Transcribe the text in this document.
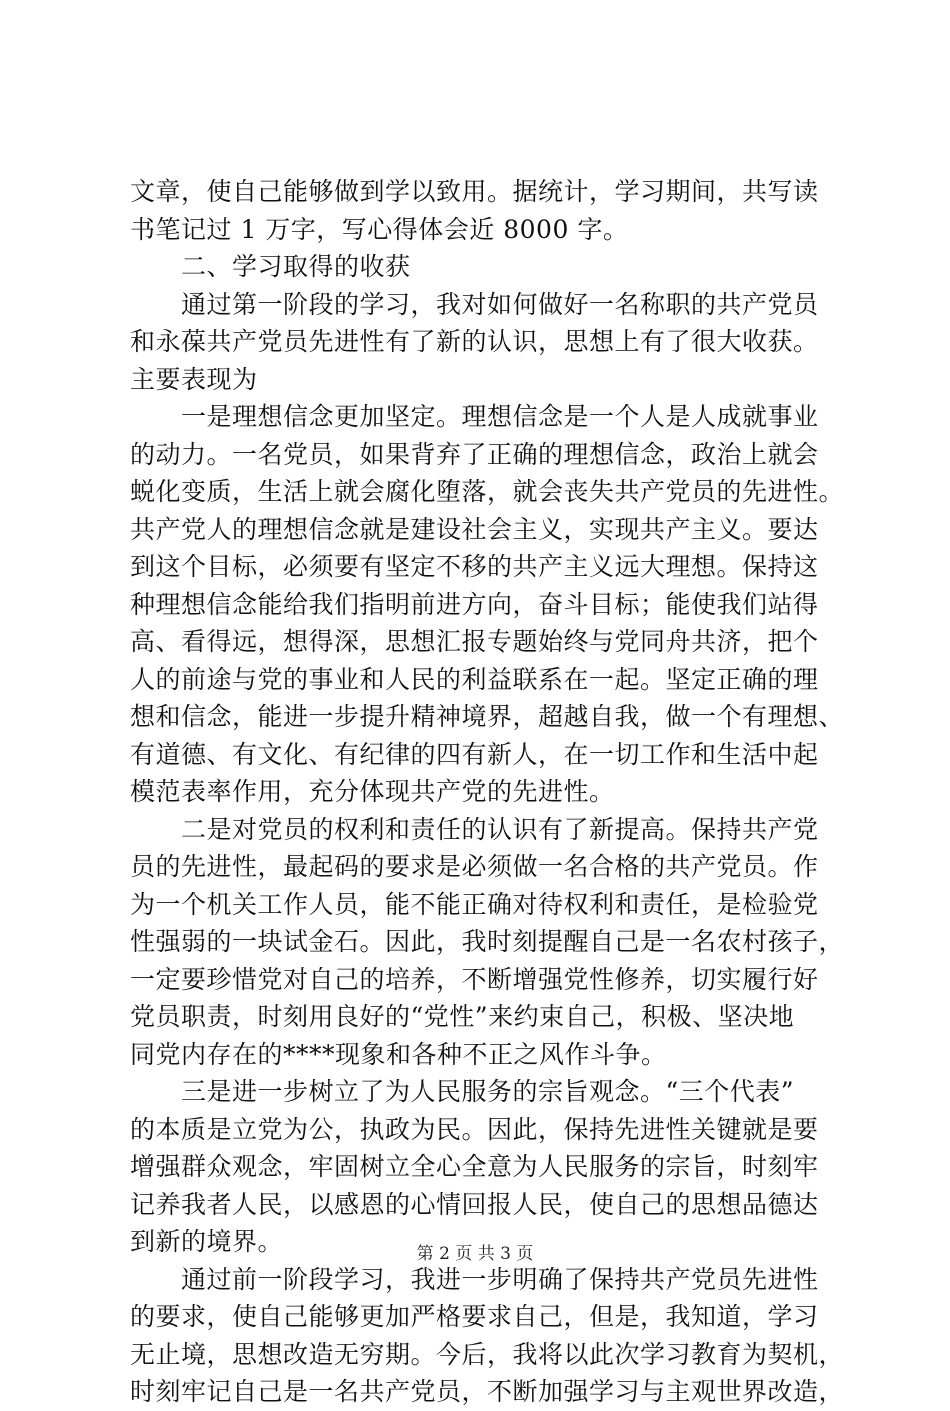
文章，使自己能够做到学以致用。据统计，学习期间，共写读
书笔记过 1 万字，写心得体会近 8000 字。
　　二、学习取得的收获
　　通过第一阶段的学习，我对如何做好一名称职的共产党员
和永葆共产党员先进性有了新的认识，思想上有了很大收获。
主要表现为
　　一是理想信念更加坚定。理想信念是一个人是人成就事业
的动力。一名党员，如果背弃了正确的理想信念，政治上就会
蜕化变质，生活上就会腐化堕落，就会丧失共产党员的先进性。
共产党人的理想信念就是建设社会主义，实现共产主义。要达
到这个目标，必须要有坚定不移的共产主义远大理想。保持这
种理想信念能给我们指明前进方向，奋斗目标；能使我们站得
高、看得远，想得深，思想汇报专题始终与党同舟共济，把个
人的前途与党的事业和人民的利益联系在一起。坚定正确的理
想和信念，能进一步提升精神境界，超越自我，做一个有理想、
有道德、有文化、有纪律的四有新人，在一切工作和生活中起
模范表率作用，充分体现共产党的先进性。
　　二是对党员的权利和责任的认识有了新提高。保持共产党
员的先进性，最起码的要求是必须做一名合格的共产党员。作
为一个机关工作人员，能不能正确对待权利和责任，是检验党
性强弱的一块试金石。因此，我时刻提醒自己是一名农村孩子，
一定要珍惜党对自己的培养，不断增强党性修养，切实履行好
党员职责，时刻用良好的“党性”来约束自己，积极、坚决地
同党内存在的****现象和各种不正之风作斗争。
　　三是进一步树立了为人民服务的宗旨观念。“三个代表”
的本质是立党为公，执政为民。因此，保持先进性关键就是要
增强群众观念，牢固树立全心全意为人民服务的宗旨，时刻牢
记养我者人民，以感恩的心情回报人民，使自己的思想品德达
到新的境界。
　　通过前一阶段学习，我进一步明确了保持共产党员先进性
的要求，使自己能够更加严格要求自己，但是，我知道，学习
无止境，思想改造无穷期。今后，我将以此次学习教育为契机，
时刻牢记自己是一名共产党员，不断加强学习与主观世界改造，
第 2 页 共 3 页
